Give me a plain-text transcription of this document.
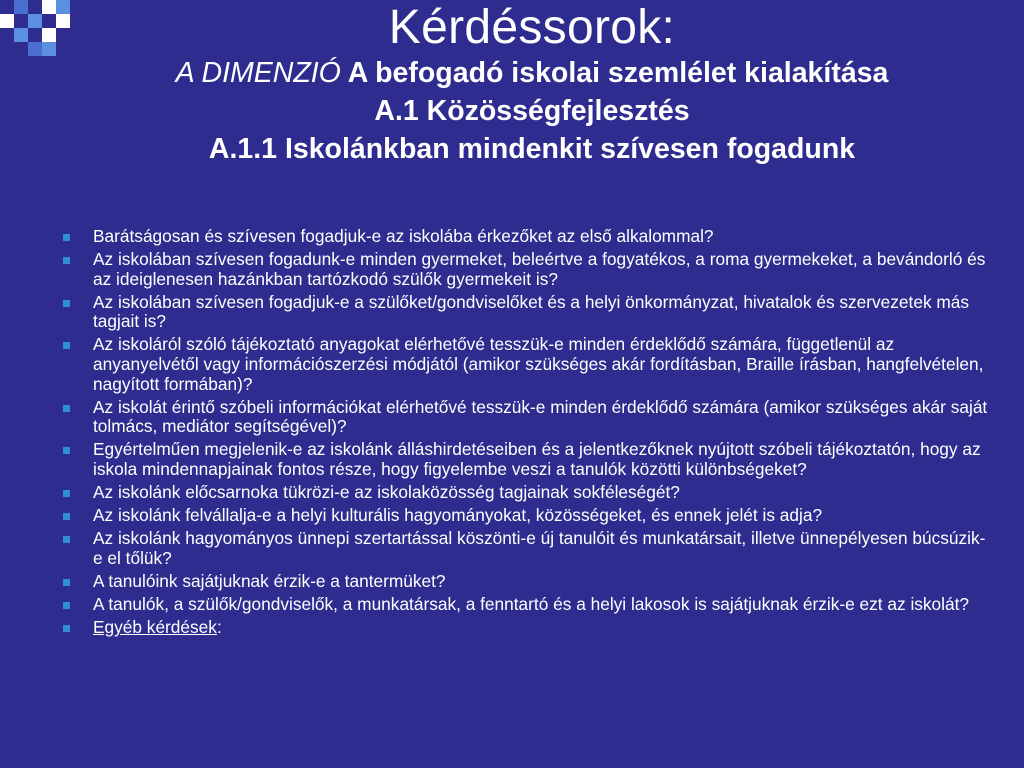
Kérdéssorok:
A DIMENZIÓ A befogadó iskolai szemlélet kialakítása
A.1 Közösségfejlesztés
A.1.1 Iskolánkban mindenkit szívesen fogadunk
Barátságosan és szívesen fogadjuk-e az iskolába érkezőket az első alkalommal?
Az iskolában szívesen fogadunk-e minden gyermeket, beleértve a fogyatékos, a roma gyermekeket, a bevándorló és az ideiglenesen hazánkban tartózkodó szülők gyermekeit is?
Az iskolában szívesen fogadjuk-e a szülőket/gondviselőket és a helyi önkormányzat, hivatalok és szervezetek más tagjait is?
Az iskoláról szóló tájékoztató anyagokat elérhetővé tesszük-e minden érdeklődő számára, függetlenül az anyanyelvétől vagy információszerzési módjától (amikor szükséges akár fordításban, Braille írásban, hangfelvételen, nagyított formában)?
Az iskolát érintő szóbeli információkat elérhetővé tesszük-e minden érdeklődő számára (amikor szükséges akár saját tolmács, mediátor segítségével)?
Egyértelműen megjelenik-e az iskolánk álláshirdetéseiben és a jelentkezőknek nyújtott szóbeli tájékoztatón, hogy az iskola mindennapjainak fontos része, hogy figyelembe veszi a tanulók közötti különbségeket?
Az iskolánk előcsarnoka tükrözi-e az iskolaközösség tagjainak sokféleségét?
Az iskolánk felvállalja-e a helyi kulturális hagyományokat, közösségeket, és ennek jelét is adja?
Az iskolánk hagyományos ünnepi szertartással köszönti-e új tanulóit és munkatársait, illetve ünnepélyesen búcsúzik-e el tőlük?
A tanulóink sajátjuknak érzik-e a tantermüket?
A tanulók, a szülők/gondviselők, a munkatársak, a fenntartó és a helyi lakosok is sajátjuknak érzik-e ezt az iskolát?
Egyéb kérdések:
